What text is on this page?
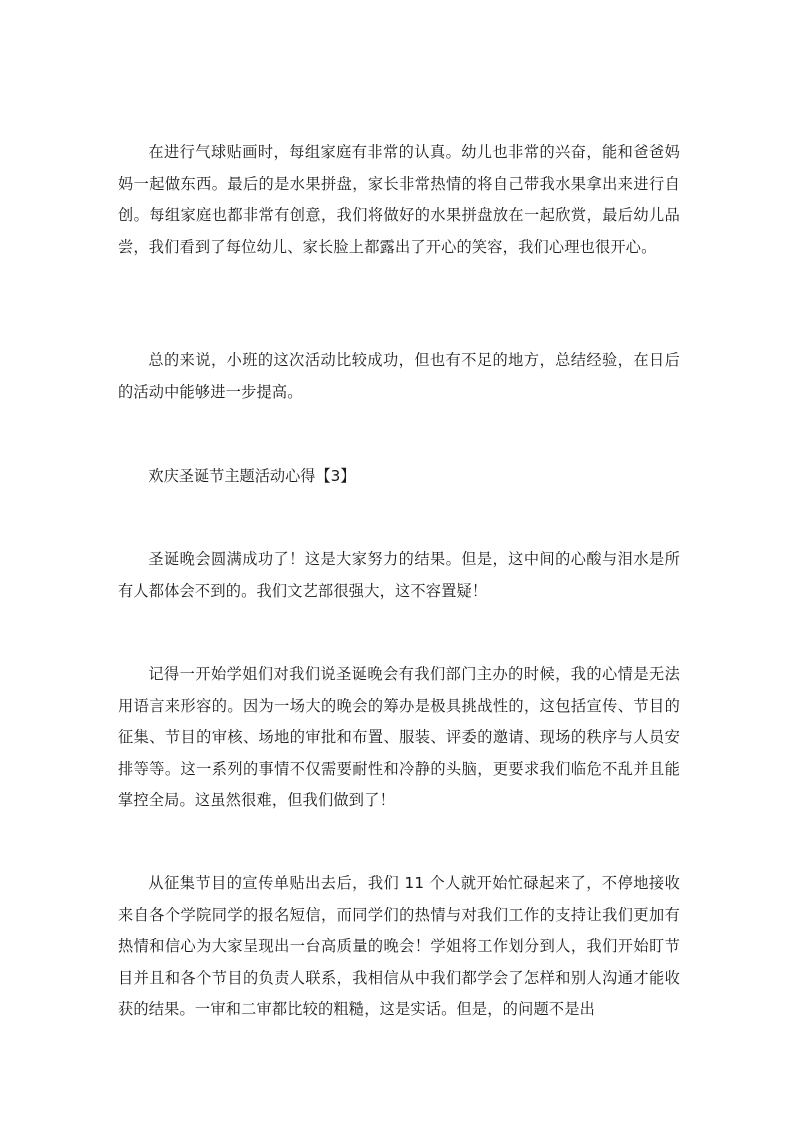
在进行气球贴画时，每组家庭有非常的认真。幼儿也非常的兴奋，能和爸爸妈妈一起做东西。最后的是水果拼盘，家长非常热情的将自己带我水果拿出来进行自创。每组家庭也都非常有创意，我们将做好的水果拼盘放在一起欣赏，最后幼儿品尝，我们看到了每位幼儿、家长脸上都露出了开心的笑容，我们心理也很开心。

总的来说，小班的这次活动比较成功，但也有不足的地方，总结经验，在日后的活动中能够进一步提高。

欢庆圣诞节主题活动心得【3】

圣诞晚会圆满成功了！这是大家努力的结果。但是，这中间的心酸与泪水是所有人都体会不到的。我们文艺部很强大，这不容置疑！

记得一开始学姐们对我们说圣诞晚会有我们部门主办的时候，我的心情是无法用语言来形容的。因为一场大的晚会的筹办是极具挑战性的，这包括宣传、节目的征集、节目的审核、场地的审批和布置、服装、评委的邀请、现场的秩序与人员安排等等。这一系列的事情不仅需要耐性和冷静的头脑，更要求我们临危不乱并且能掌控全局。这虽然很难，但我们做到了！

从征集节目的宣传单贴出去后，我们 11 个人就开始忙碌起来了，不停地接收来自各个学院同学的报名短信，而同学们的热情与对我们工作的支持让我们更加有热情和信心为大家呈现出一台高质量的晚会！学姐将工作划分到人，我们开始盯节目并且和各个节目的负责人联系，我相信从中我们都学会了怎样和别人沟通才能收获的结果。一审和二审都比较的粗糙，这是实话。但是，的问题不是出
